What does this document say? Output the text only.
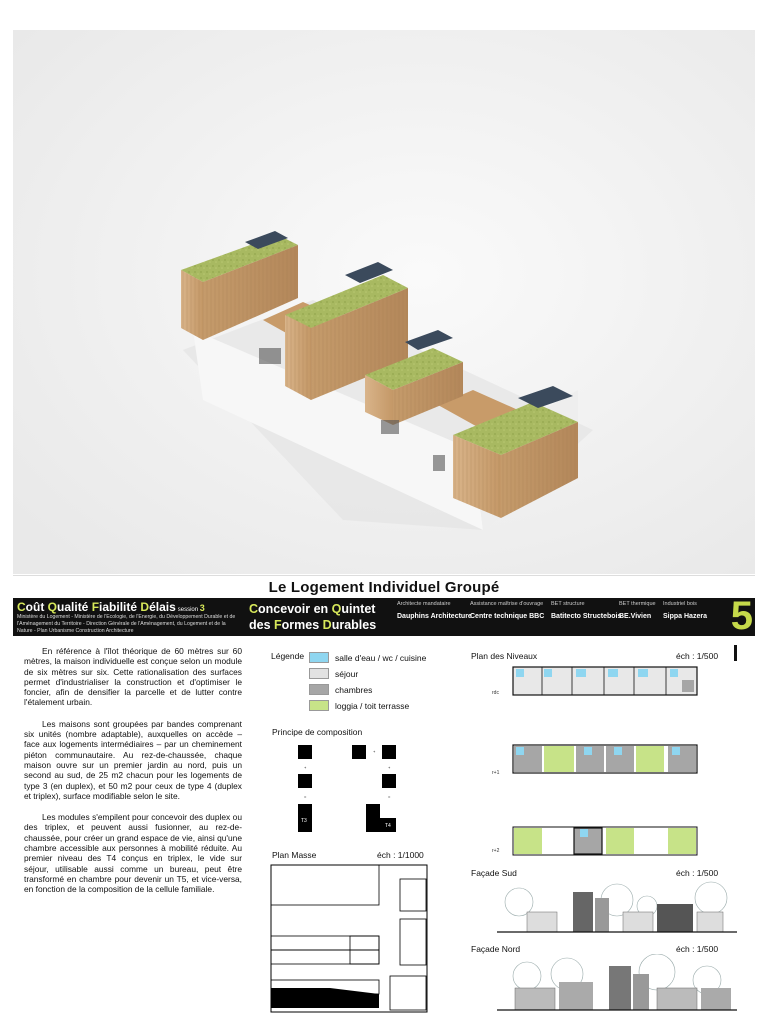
Le Logement Individuel Groupé
Coût Qualité Fiabilité Délais session 3
Ministère du Logement - Ministère de l'Ecologie, de l'Energie, du Développement Durable et de l'Aménagement du Territoire - Direction Générale de l'Aménagement, du Logement et de la Nature - Plan Urbanisme Construction Architecture
Concevoir en Quintet
des Formes Durables
Architecte mandataire
Dauphins Architecture
Assistance maîtrise d'ouvrage
Centre technique BBC
BET structure
Batitecto Structebois
BET thermique
BE.Vivien
Industriel bois
Sippa Hazera 5

En référence à l'îlot théorique de 60 mètres sur 60 mètres, la maison individuelle est conçue selon un module de six mètres sur six. Cette rationalisation des surfaces permet d'industrialiser la construction et d'optimiser le foncier, afin de densifier la parcelle et de lutter contre l'étalement urbain.

Les maisons sont groupées par bandes comprenant six unités (nombre adaptable), auxquelles on accède – face aux logements intermédiaires – par un cheminement piéton communautaire. Au rez-de-chaussée, chaque maison ouvre sur un premier jardin au nord, puis un second au sud, de 25 m2 chacun pour les logements de type 3 (en duplex), et 50 m2 pour ceux de type 4 (duplex et triplex), surface modifiable selon le site.

Les modules s'empilent pour concevoir des duplex ou des triplex, et peuvent aussi fusionner, au rez-de-chaussée, pour créer un grand espace de vie, ainsi qu'une chambre accessible aux personnes à mobilité réduite. Au premier niveau des T4 conçus en triplex, le vide sur séjour, utilisable aussi comme un bureau, peut être transformé en chambre pour devenir un T5, et vice-versa, en fonction de la composition de la cellule familiale.

Légende	salle d'eau / wc / cuisine
séjour
chambres
loggia / toit terrasse
Principe de composition
+
+	+
=	=
T3
T4
Plan Masse	éch : 1/1000
Plan des Niveaux	éch : 1/500
rdc
r+1
r+2
Façade Sud	éch : 1/500
Façade Nord	éch : 1/500
